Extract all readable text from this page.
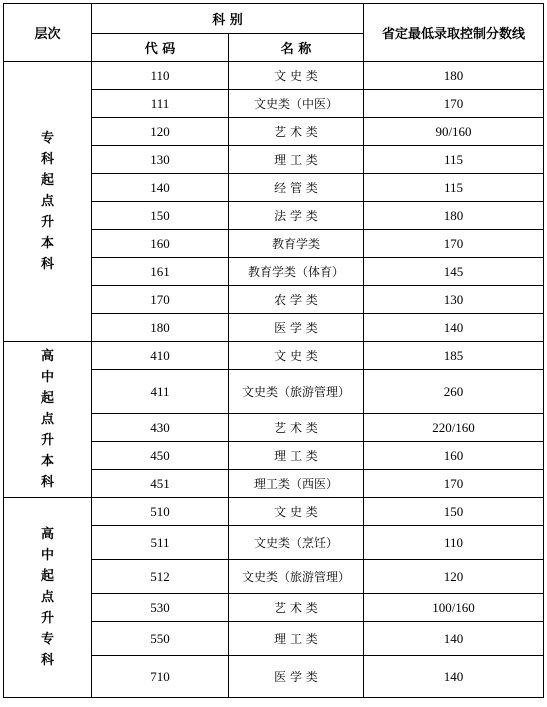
层次	科 别		省定最低录取控制分数线
	代 码	名 称	
专科起点升本科	110	文 史 类	180
	111	文史类（中医）	170
	120	艺 术 类	90/160
	130	理 工 类	115
	140	经 管 类	115
	150	法 学 类	180
	160	教育学类	170
	161	教育学类（体育）	145
	170	农 学 类	130
	180	医 学 类	140
高中起点升本科	410	文 史 类	185
	411	文史类（旅游管理）	260
	430	艺 术 类	220/160
	450	理 工 类	160
	451	理工类（西医）	170
高中起点升专科	510	文 史 类	150
	511	文史类（烹饪）	110
	512	文史类（旅游管理）	120
	530	艺 术 类	100/160
	550	理 工 类	140
	710	医 学 类	140
